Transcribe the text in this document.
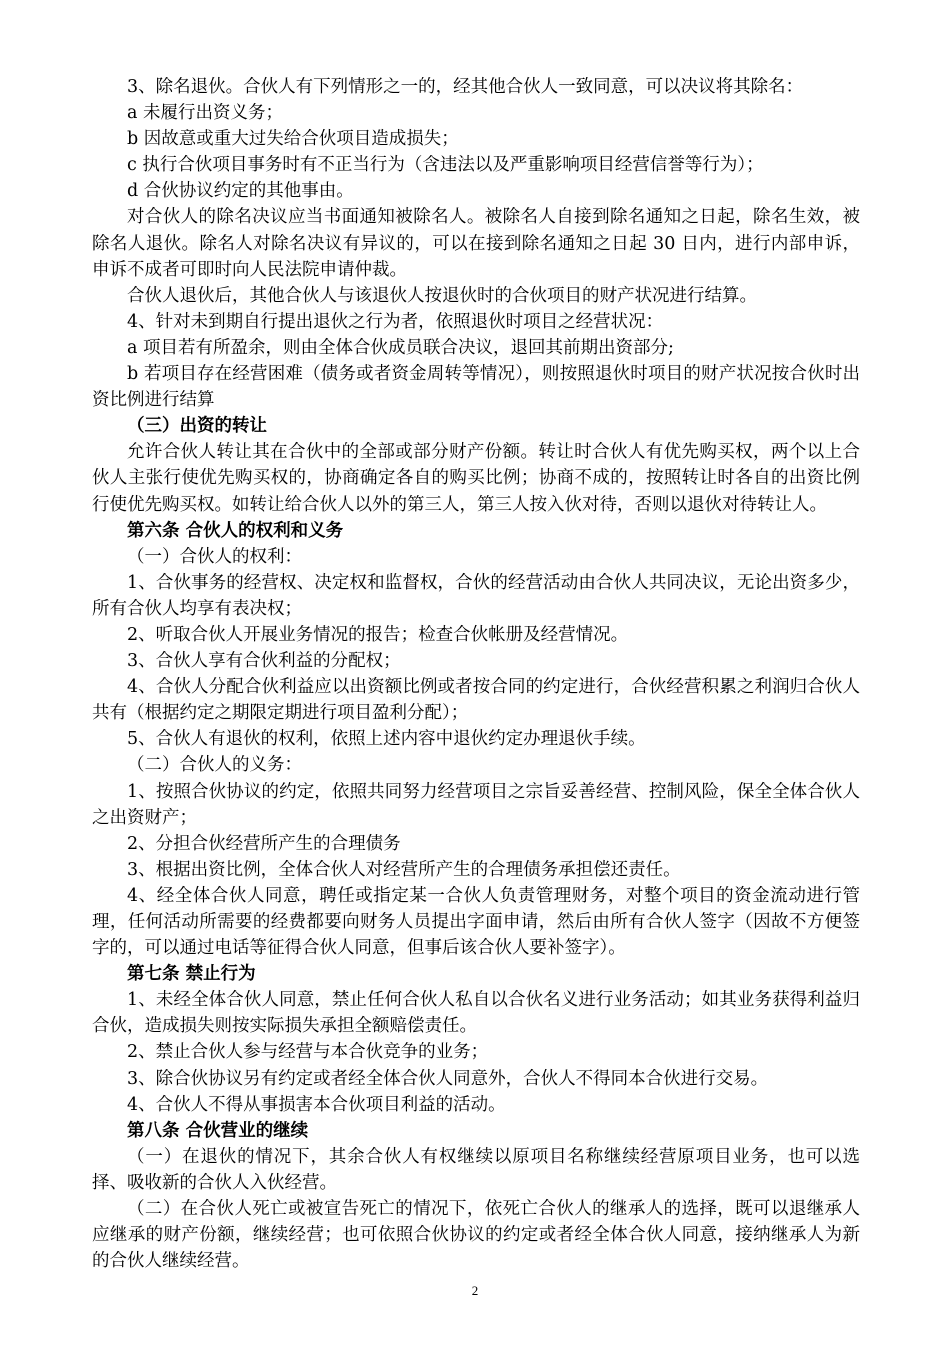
3、除名退伙。合伙人有下列情形之一的，经其他合伙人一致同意，可以决议将其除名：

a 未履行出资义务；

b 因故意或重大过失给合伙项目造成损失；

c 执行合伙项目事务时有不正当行为（含违法以及严重影响项目经营信誉等行为）；

d 合伙协议约定的其他事由。

对合伙人的除名决议应当书面通知被除名人。被除名人自接到除名通知之日起，除名生效，被除名人退伙。除名人对除名决议有异议的，可以在接到除名通知之日起 30 日内，进行内部申诉，申诉不成者可即时向人民法院申请仲裁。

合伙人退伙后，其他合伙人与该退伙人按退伙时的合伙项目的财产状况进行结算。

4、针对未到期自行提出退伙之行为者，依照退伙时项目之经营状况：

a 项目若有所盈余，则由全体合伙成员联合决议，退回其前期出资部分;

b 若项目存在经营困难（债务或者资金周转等情况），则按照退伙时项目的财产状况按合伙时出资比例进行结算

（三）出资的转让

允许合伙人转让其在合伙中的全部或部分财产份额。转让时合伙人有优先购买权，两个以上合伙人主张行使优先购买权的，协商确定各自的购买比例；协商不成的，按照转让时各自的出资比例行使优先购买权。如转让给合伙人以外的第三人，第三人按入伙对待，否则以退伙对待转让人。

第六条 合伙人的权利和义务

（一）合伙人的权利：

1、合伙事务的经营权、决定权和监督权，合伙的经营活动由合伙人共同决议，无论出资多少，所有合伙人均享有表决权；

2、听取合伙人开展业务情况的报告；检查合伙帐册及经营情况。

3、合伙人享有合伙利益的分配权；

4、合伙人分配合伙利益应以出资额比例或者按合同的约定进行，合伙经营积累之利润归合伙人共有（根据约定之期限定期进行项目盈利分配）；

5、合伙人有退伙的权利，依照上述内容中退伙约定办理退伙手续。

（二）合伙人的义务：

1、按照合伙协议的约定，依照共同努力经营项目之宗旨妥善经营、控制风险，保全全体合伙人之出资财产；

2、分担合伙经营所产生的合理债务

3、根据出资比例，全体合伙人对经营所产生的合理债务承担偿还责任。

4、经全体合伙人同意，聘任或指定某一合伙人负责管理财务，对整个项目的资金流动进行管理，任何活动所需要的经费都要向财务人员提出字面申请，然后由所有合伙人签字（因故不方便签字的，可以通过电话等征得合伙人同意，但事后该合伙人要补签字）。

第七条 禁止行为

1、未经全体合伙人同意，禁止任何合伙人私自以合伙名义进行业务活动；如其业务获得利益归合伙，造成损失则按实际损失承担全额赔偿责任。

2、禁止合伙人参与经营与本合伙竞争的业务；

3、除合伙协议另有约定或者经全体合伙人同意外，合伙人不得同本合伙进行交易。

4、合伙人不得从事损害本合伙项目利益的活动。

第八条 合伙营业的继续

（一）在退伙的情况下，其余合伙人有权继续以原项目名称继续经营原项目业务，也可以选择、吸收新的合伙人入伙经营。

（二）在合伙人死亡或被宣告死亡的情况下，依死亡合伙人的继承人的选择，既可以退继承人应继承的财产份额，继续经营；也可依照合伙协议的约定或者经全体合伙人同意，接纳继承人为新的合伙人继续经营。

2
